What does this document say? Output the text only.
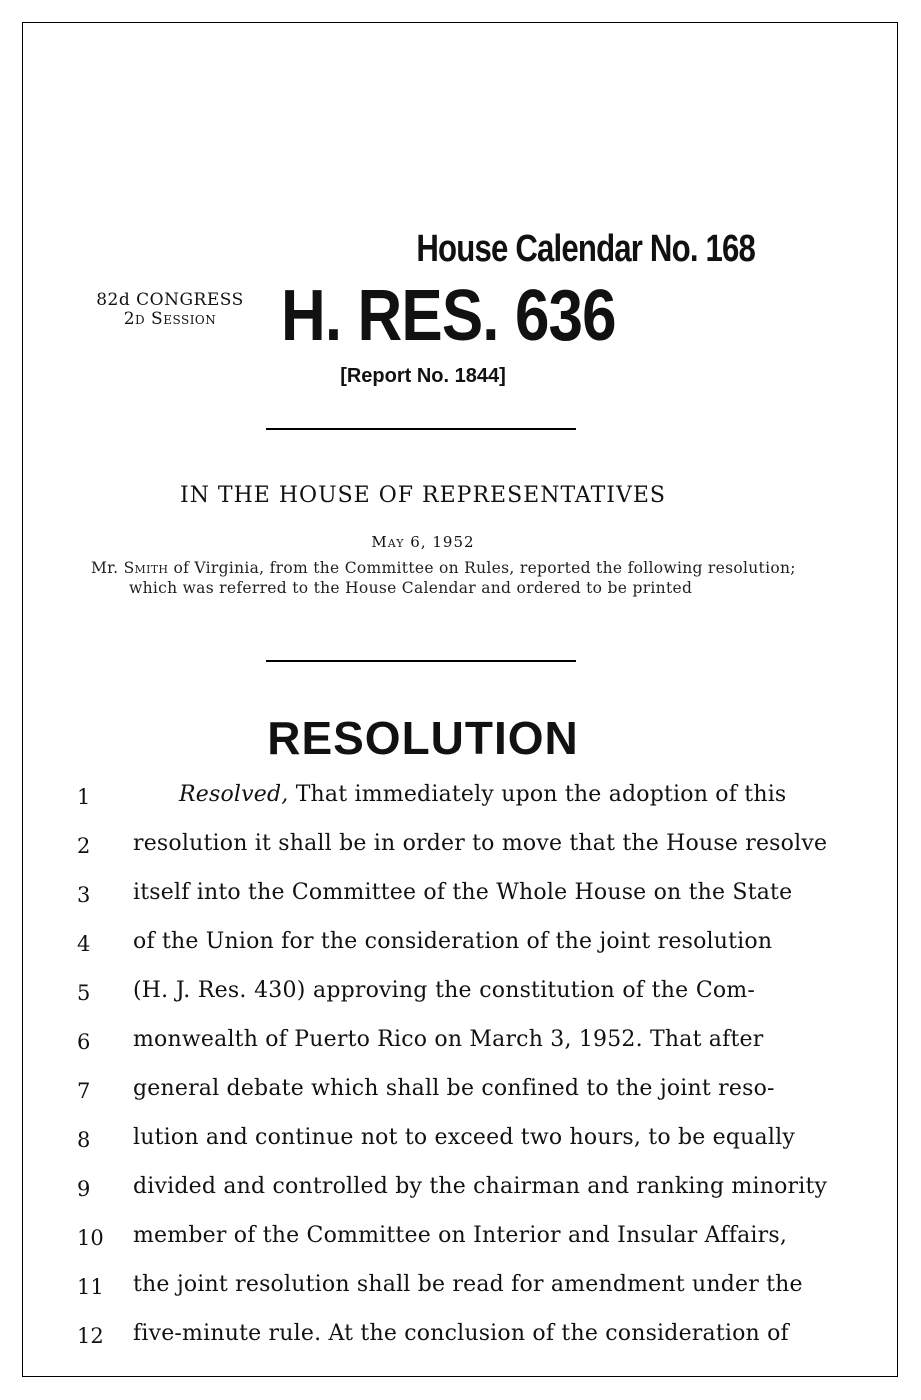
House Calendar No. 168
82d CONGRESS
2d Session H. RES. 636
[Report No. 1844]
IN THE HOUSE OF REPRESENTATIVES
May 6, 1952
Mr. Smith of Virginia, from the Committee on Rules, reported the following resolution; which was referred to the House Calendar and ordered to be printed
RESOLUTION
1	Resolved, That immediately upon the adoption of this
2	resolution it shall be in order to move that the House resolve
3	itself into the Committee of the Whole House on the State
4	of the Union for the consideration of the joint resolution
5	(H. J. Res. 430) approving the constitution of the Com-
6	monwealth of Puerto Rico on March 3, 1952. That after
7	general debate which shall be confined to the joint reso-
8	lution and continue not to exceed two hours, to be equally
9	divided and controlled by the chairman and ranking minority
10	member of the Committee on Interior and Insular Affairs,
11	the joint resolution shall be read for amendment under the
12	five-minute rule. At the conclusion of the consideration of
